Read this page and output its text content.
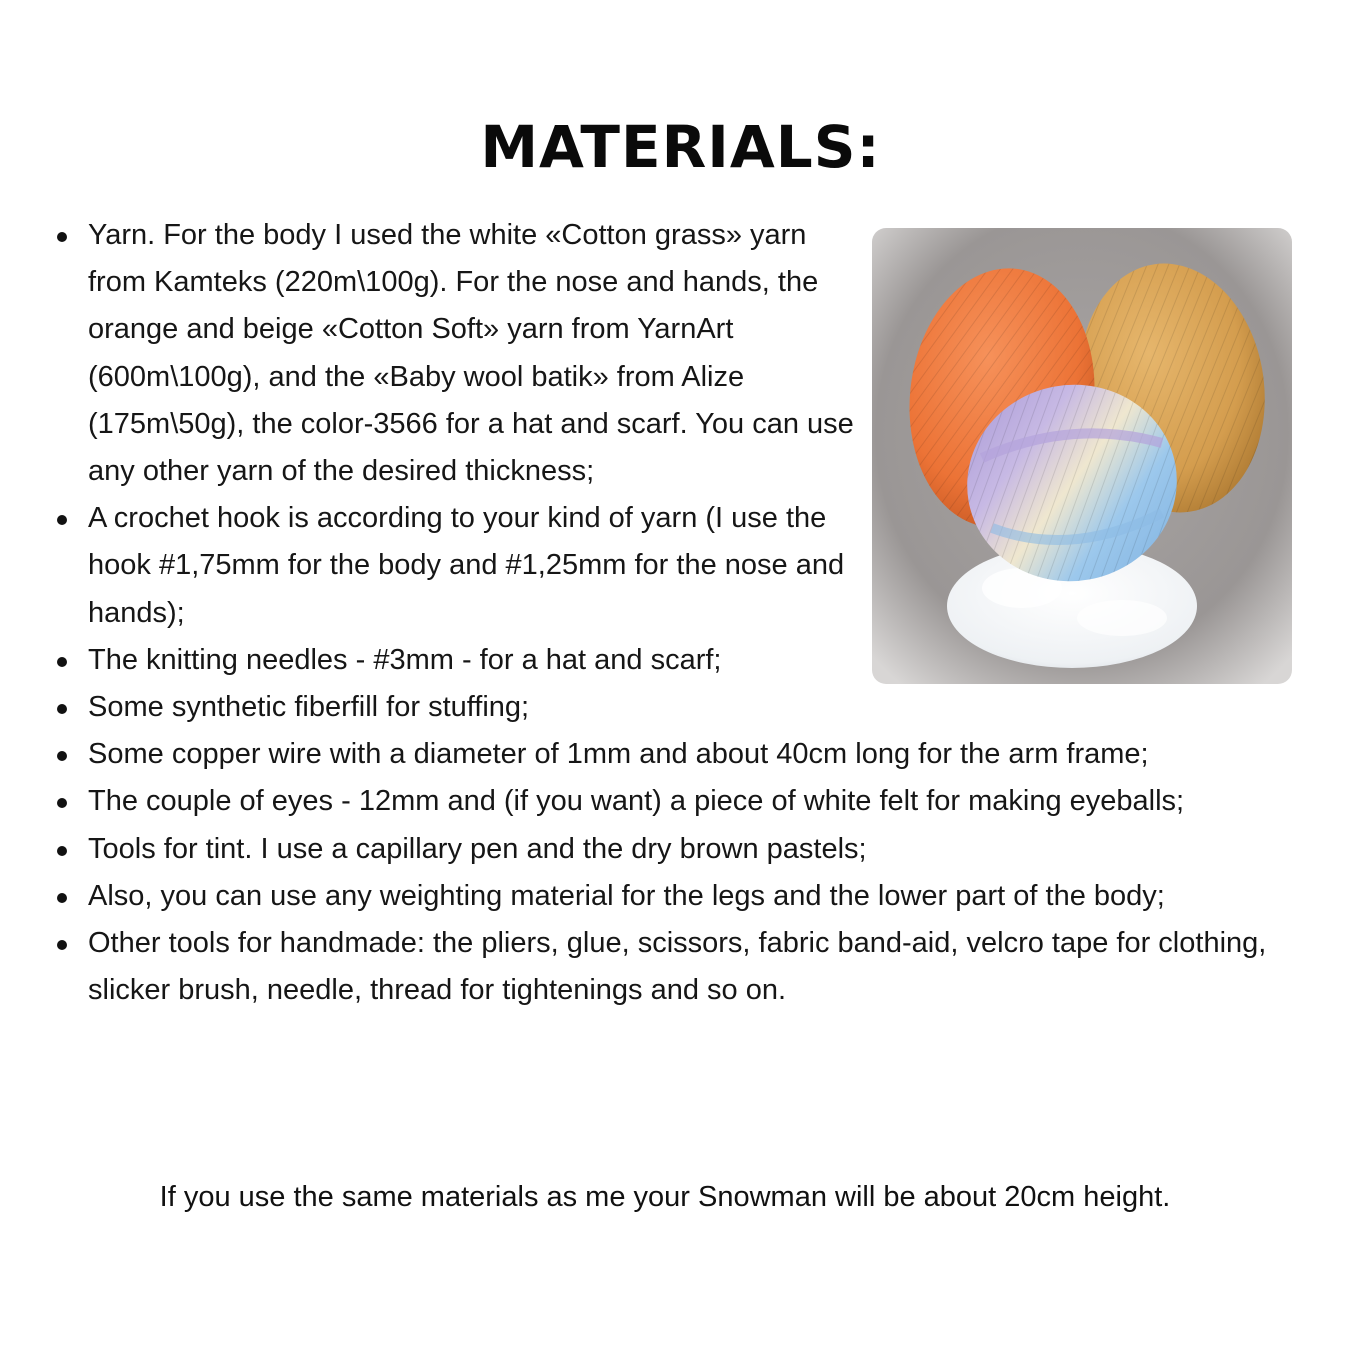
MATERIALS:
Yarn. For the body I used the white «Cotton grass» yarn from Kamteks (220m\100g). For the nose and hands, the orange and beige «Cotton Soft» yarn from YarnArt (600m\100g), and the «Baby wool batik» from Alize (175m\50g), the color-3566 for a hat and scarf. You can use any other yarn of the desired thickness;
A crochet hook is according to your kind of yarn (I use the hook #1,75mm for the body and #1,25mm for the nose and hands);
The knitting needles - #3mm - for a hat and scarf;
Some synthetic fiberfill for stuffing;
Some copper wire with a diameter of 1mm and about 40cm long for the arm frame;
The couple of eyes - 12mm and (if you want) a piece of white felt for making eyeballs;
Tools for tint. I use a capillary pen and the dry brown pastels;
Also, you can use any weighting material for the legs and the lower part of the body;
Other tools for handmade: the pliers, glue, scissors, fabric band-aid, velcro tape for clothing, slicker brush, needle, thread for tightenings and so on.
If you use the same materials as me your Snowman will be about 20cm height.
